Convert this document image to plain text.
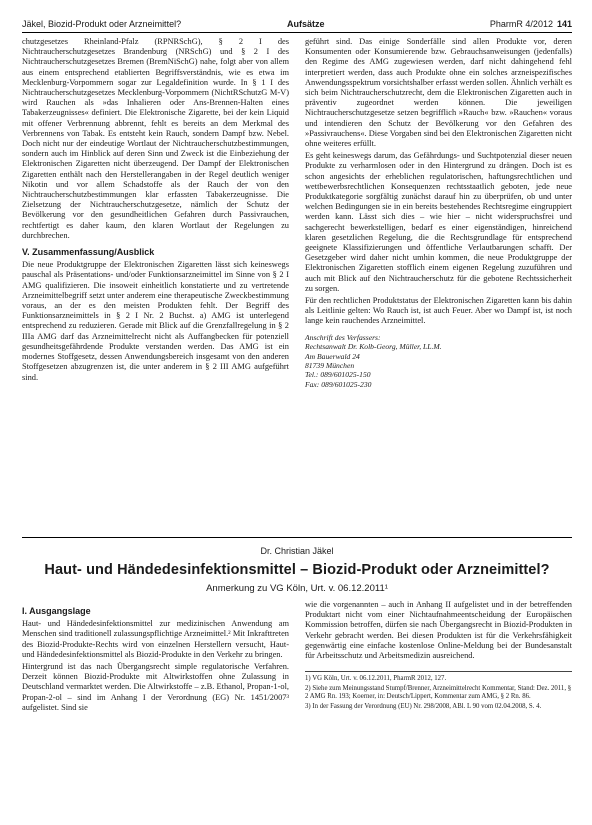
Jäkel, Biozid-Produkt oder Arzneimittel?	Aufsätze	PharmR 4/2012 141

chutzgesetzes Rheinland-Pfalz (RPNRSchG), § 2 I des Nichtraucherschutzgesetzes Brandenburg (NRSchG) und § 2 I des Nichtraucherschutzgesetzes Bremen (BremNiSchG) nahe, folgt aber von allem aus einem entsprechend etablierten Begriffsverständnis, wie es etwa im Mecklenburg-Vorpommern sogar zur Legaldefinition wurde. In § 1 I des Nichtraucherschutzgesetzes Mecklenburg-Vorpommern (NichtRSchutzG M-V) wird Rauchen als »das Inhalieren oder Ans-Brennen-Halten eines Tabakerzeugnisses« definiert. Die Elektronische Zigarette, bei der kein Liquid mit offener Verbrennung abbrennt, fehlt es bereits an dem Merkmal des Verbrennens von Tabak. Es entsteht kein Rauch, sondern Dampf bzw. Nebel. Doch nicht nur der eindeutige Wortlaut der Nichtraucherschutzbestimmungen, sondern auch im Hinblick auf deren Sinn und Zweck ist die Einbeziehung der Elektronischen Zigaretten nicht überzeugend. Der Dampf der Elektronischen Zigaretten enthält nach den Herstellerangaben in der Regel deutlich weniger Nikotin und vor allem Schadstoffe als der Rauch der von den Nichtraucherschutzbestimmungen klar erfassten Tabakerzeugnisse. Die Zielsetzung der Nichtraucherschutzgesetze, nämlich der Schutz der Bevölkerung vor den gesundheitlichen Gefahren durch Passivrauchen, rechtfertigt es daher kaum, den klaren Wortlaut der Regelungen zu durchbrechen.

V. Zusammenfassung/Ausblick

Die neue Produktgruppe der Elektronischen Zigaretten lässt sich keineswegs pauschal als Präsentations- und/oder Funktionsarzneimittel im Sinne von § 2 I AMG qualifizieren. Die insoweit einheitlich konstatierte und zu vertretende Arzneimittelbegriff setzt unter anderem eine therapeutische Zweckbestimmung voraus, an der es den meisten Produkten fehlt. Der Begriff des Funktionsarzneimittels in § 2 I Nr. 2 Buchst. a) AMG ist unterlegend entsprechend zu reduzieren. Gerade mit Blick auf die Grenzfallregelung in § 2 IIIa AMG darf das Arzneimittelrecht nicht als Auffangbecken für potenziell gesundheitsgefährdende Produkte verstanden werden. Das AMG ist ein modernes Stoffgesetz, dessen Anwendungsbereich insgesamt von den anderen Stoffgesetzen abzugrenzen ist, die unter anderem in § 2 III AMG aufgeführt sind.

geführt sind. Das einige Sonderfälle sind allen Produkte vor, deren Konsumenten oder Konsumierende bzw. Gebrauchsanweisungen (jedenfalls) den Regime des AMG zugewiesen werden, darf nicht dahingehend fehl interpretiert werden, dass auch Produkte ohne ein solches arzneispezifisches Anwendungsspektrum vorsichtshalber erfasst werden sollen. Ähnlich verhält es sich beim Nichtraucherschutzrecht, dem die Elektronischen Zigaretten auch in präventiv zugeordnet werden können. Die jeweiligen Nichtraucherschutzgesetze setzen begrifflich »Rauch« bzw. »Rauchen« voraus und intendieren den Schutz der Bevölkerung vor den Gefahren des »Passivrauchens«. Diese Vorgaben sind bei den Elektronischen Zigaretten nicht ohne weiteres erfüllt.

Es geht keineswegs darum, das Gefährdungs- und Suchtpotenzial dieser neuen Produkte zu verharmlosen oder in den Hintergrund zu drängen. Doch ist es schon angesichts der erheblichen regulatorischen, haftungsrechtlichen und wettbewerbsrechtlichen Konsequenzen rechtsstaatlich geboten, jede neue Produktkategorie sorgfältig zunächst darauf hin zu überprüfen, ob und unter welchen Bedingungen sie in ein bereits bestehendes Rechtsregime eingruppiert werden kann. Lässt sich dies – wie hier – nicht widerspruchsfrei und sachgerecht bewerkstelligen, bedarf es einer eigenständigen, hinreichend klaren gesetzlichen Regelung, die die Rechtsgrundlage für entsprechend geeignete Klassifizierungen und öffentliche Verlautbarungen schafft. Der Gesetzgeber wird daher nicht umhin kommen, die neue Produktgruppe der Elektronischen Zigaretten stofflich einem eigenen Regelung zuzuführen und auch mit Blick auf den Nichtraucherschutz für die gebotene Rechtssicherheit zu sorgen.

Für den rechtlichen Produktstatus der Elektronischen Zigaretten kann bis dahin als Leitlinie gelten: Wo Rauch ist, ist auch Feuer. Aber wo Dampf ist, ist noch lange kein rauchendes Arzneimittel.

Anschrift des Verfassers:
Rechtsanwalt Dr. Kolb-Georg, Müller, LL.M.
Am Bauerwald 24
81739 München
Tel.: 089/601025-150
Fax: 089/601025-230
Dr. Christian Jäkel
Haut- und Händedesinfektionsmittel – Biozid-Produkt oder Arzneimittel?
Anmerkung zu VG Köln, Urt. v. 06.12.2011¹
I. Ausgangslage

Haut- und Händedesinfektionsmittel zur medizinischen Anwendung am Menschen sind traditionell zulassungspflichtige Arzneimittel.² Mit Inkrafttreten des Biozid-Produkte-Rechts wird von einzelnen Herstellern versucht, Haut- und Händedesinfektionsmittel als Biozid-Produkte in den Verkehr zu bringen.

Hintergrund ist das nach Übergangsrecht simple regulatorische Verfahren. Derzeit können Biozid-Produkte mit Altwirkstoffen ohne Zulassung in Deutschland vermarktet werden. Die Altwirkstoffe – z.B. Ethanol, Propan-1-ol, Propan-2-ol – sind im Anhang I der Verordnung (EG) Nr. 1451/2007³ aufgelistet. Sind sie

wie die vorgenannten – auch in Anhang II aufgelistet und in der betreffenden Produktart nicht vom einer Nichtaufnahmeentscheidung der Europäischen Kommission betroffen, dürfen sie nach Übergangsrecht in Biozid-Produkten in Verkehr gebracht werden. Bei diesen Produkten ist für die Verkehrsfähigkeit gegenwärtig eine einfache kostenlose Online-Meldung bei der Bundesanstalt für Arbeitsschutz und Arbeitsmedizin ausreichend.

1) VG Köln, Urt. v. 06.12.2011, PharmR 2012, 127.
2) Siehe zum Meinungsstand Stumpf/Brenner, Arzneimittelrecht Kommentar, Stand: Dez. 2011, § 2 AMG Rn. 193; Koerner, in: Deutsch/Lippert, Kommentar zum AMG, § 2 Rn. 86.
3) In der Fassung der Verordnung (EU) Nr. 298/2008, ABl. L 90 vom 02.04.2008, S. 4.
